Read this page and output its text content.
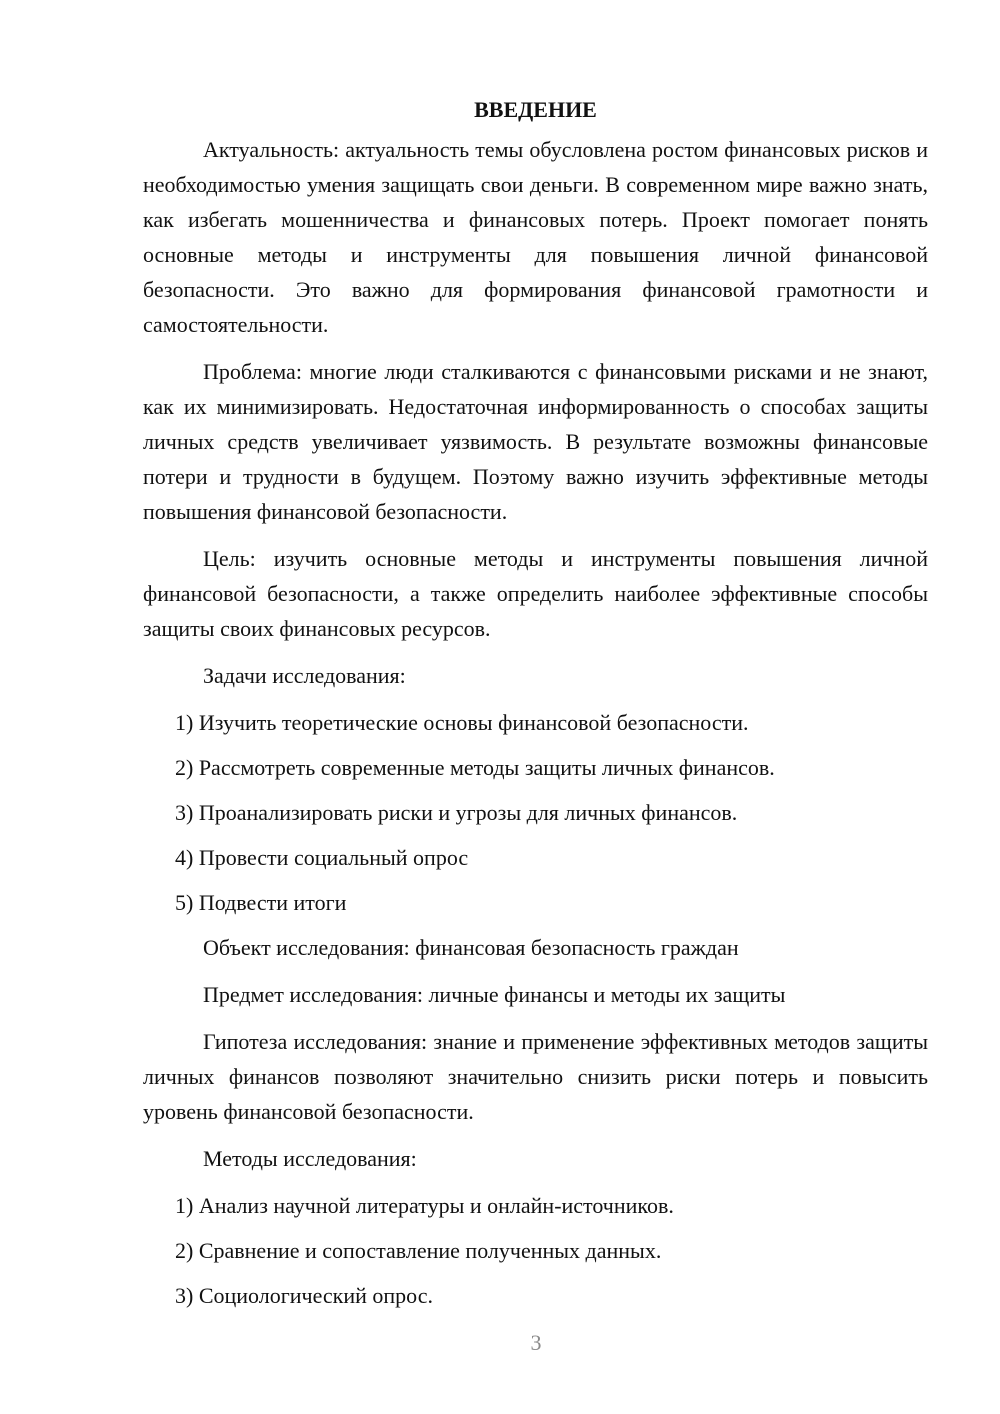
ВВЕДЕНИЕ

Актуальность: актуальность темы обусловлена ростом финансовых рисков и необходимостью умения защищать свои деньги. В современном мире важно знать, как избегать мошенничества и финансовых потерь. Проект помогает понять основные методы и инструменты для повышения личной финансовой безопасности. Это важно для формирования финансовой грамотности и самостоятельности.

Проблема: многие люди сталкиваются с финансовыми рисками и не знают, как их минимизировать. Недостаточная информированность о способах защиты личных средств увеличивает уязвимость. В результате возможны финансовые потери и трудности в будущем. Поэтому важно изучить эффективные методы повышения финансовой безопасности.

Цель: изучить основные методы и инструменты повышения личной финансовой безопасности, а также определить наиболее эффективные способы защиты своих финансовых ресурсов.

Задачи исследования:

1) Изучить теоретические основы финансовой безопасности.

2) Рассмотреть современные методы защиты личных финансов.

3) Проанализировать риски и угрозы для личных финансов.

4) Провести социальный опрос

5) Подвести итоги

Объект исследования: финансовая безопасность граждан

Предмет исследования: личные финансы и методы их защиты

Гипотеза исследования: знание и применение эффективных методов защиты личных финансов позволяют значительно снизить риски потерь и повысить уровень финансовой безопасности.

Методы исследования:

1) Анализ научной литературы и онлайн-источников.

2) Сравнение и сопоставление полученных данных.

3) Социологический опрос.

3
